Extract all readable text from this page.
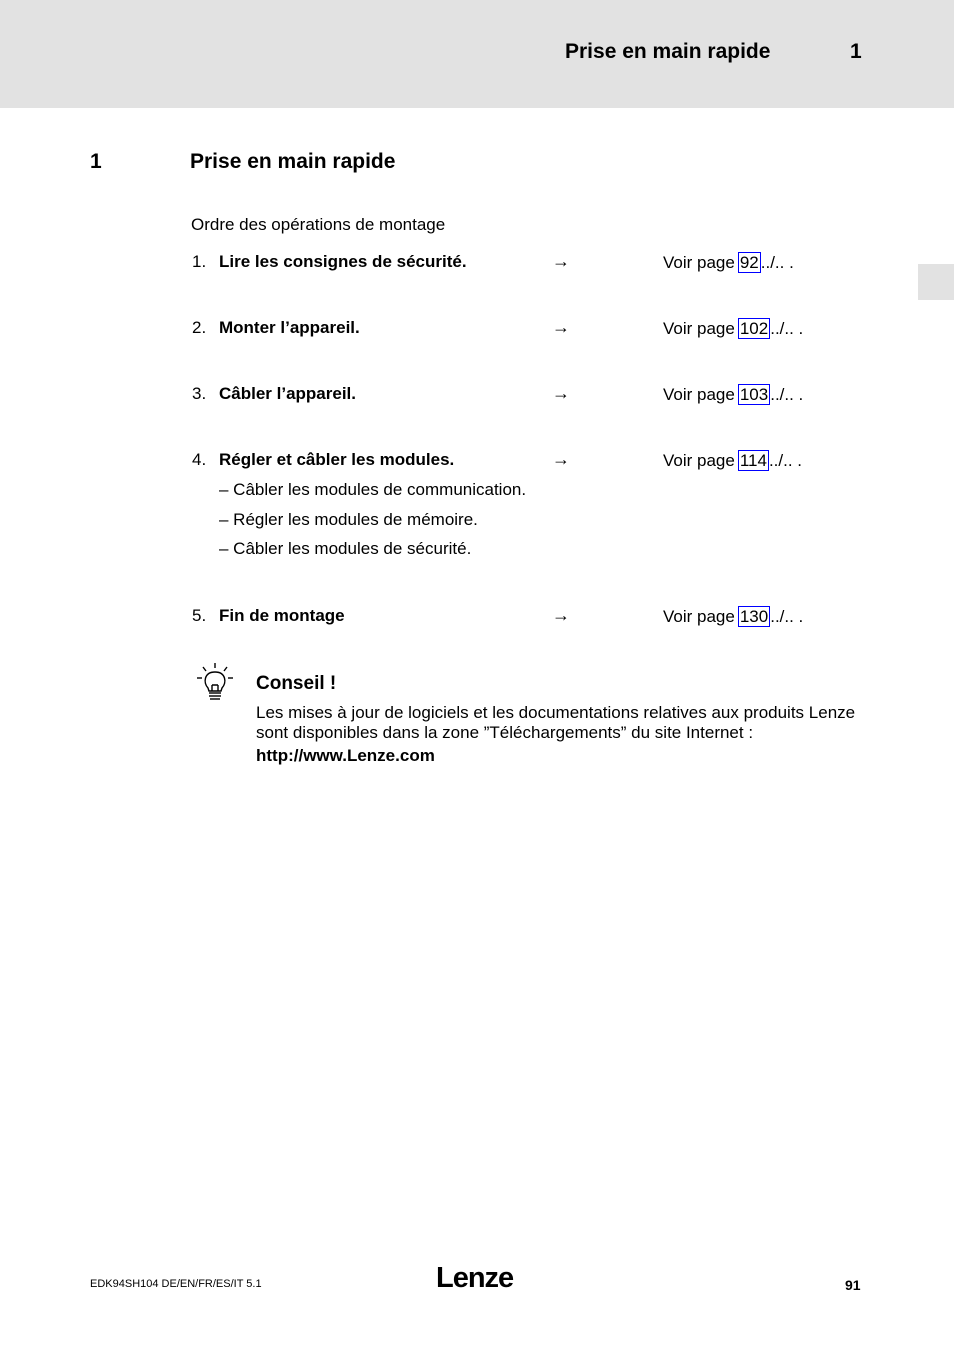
Prise en main rapide	1
1	Prise en main rapide
Ordre des opérations de montage
1. Lire les consignes de sécurité.	→	Voir page 92 ../.. .
2. Monter l’appareil.	→	Voir page 102 ../.. .
3. Câbler l’appareil.	→	Voir page 103 ../.. .
4. Régler et câbler les modules.	→	Voir page 114 ../.. .
– Câbler les modules de communication.
– Régler les modules de mémoire.
– Câbler les modules de sécurité.
5. Fin de montage	→	Voir page 130 ../.. .
Conseil !
Les mises à jour de logiciels et les documentations relatives aux produits Lenze sont disponibles dans la zone ”Téléchargements” du site Internet :
http://www.Lenze.com
EDK94SH104 DE/EN/FR/ES/IT 5.1	Lenze	91
